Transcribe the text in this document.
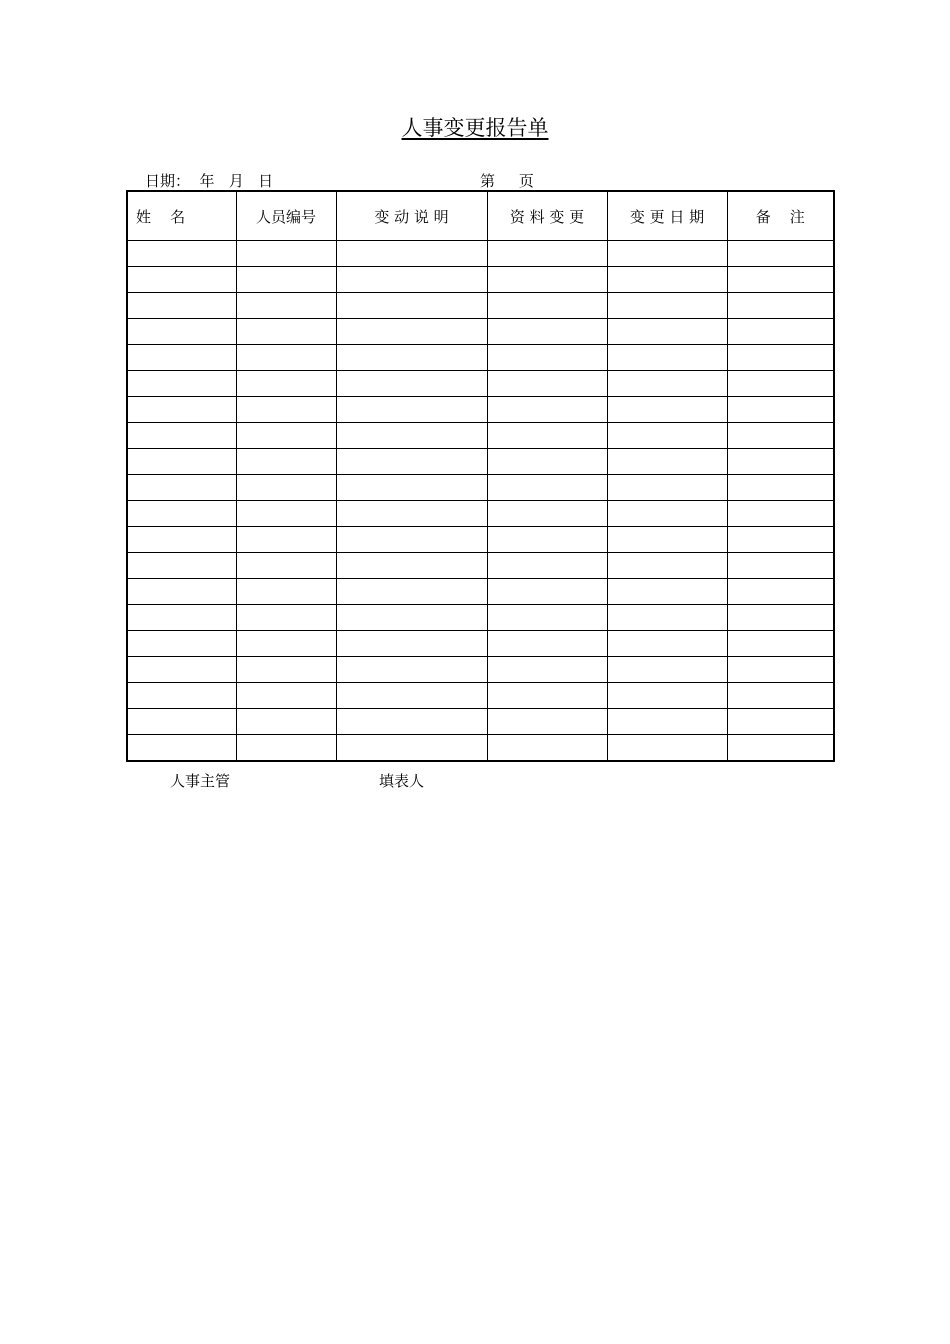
人事变更报告单
日期：  年   月   日	第     页
姓    名	人员编号	变 动 说 明	资 料 变 更	变 更 日 期	备    注

人事主管	填表人
